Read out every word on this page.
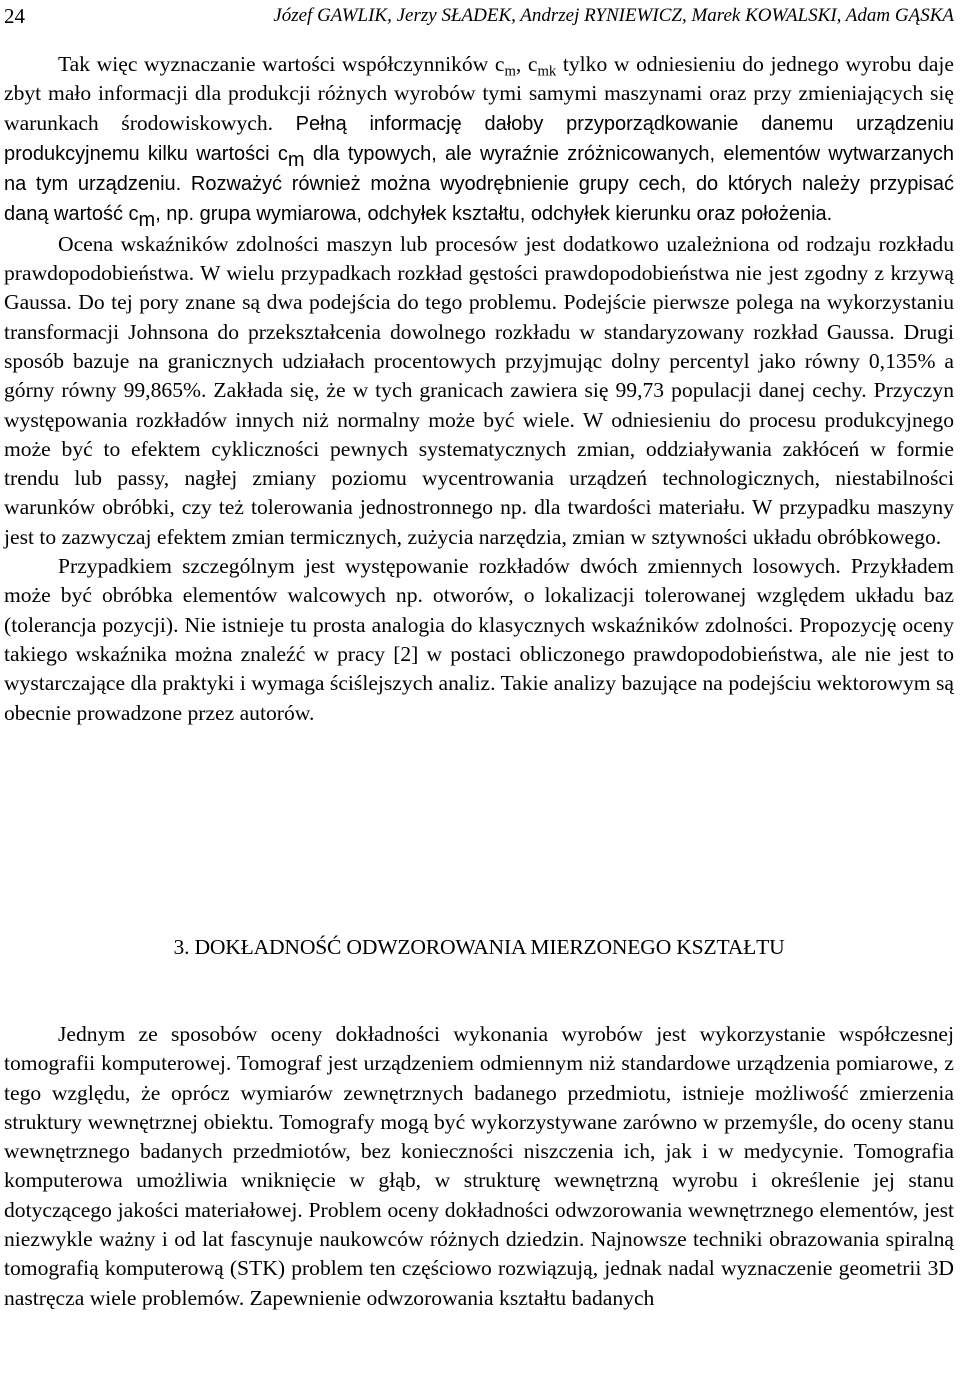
24	Józef GAWLIK, Jerzy SŁADEK, Andrzej RYNIEWICZ, Marek KOWALSKI, Adam GĄSKA

Tak więc wyznaczanie wartości współczynników $c_m$, $c_{mk}$ tylko w odniesieniu do jednego wyrobu daje zbyt mało informacji dla produkcji różnych wyrobów tymi samymi maszynami oraz przy zmieniających się warunkach środowiskowych. Pełną informację dałoby przyporządkowanie danemu urządzeniu produkcyjnemu kilku wartości $c_m$ dla typowych, ale wyraźnie zróżnicowanych, elementów wytwarzanych na tym urządzeniu. Rozważyć również można wyodrębnienie grupy cech, do których należy przypisać daną wartość $c_m$, np. grupa wymiarowa, odchyłek kształtu, odchyłek kierunku oraz położenia.

Ocena wskaźników zdolności maszyn lub procesów jest dodatkowo uzależniona od rodzaju rozkładu prawdopodobieństwa. W wielu przypadkach rozkład gęstości prawdopodobieństwa nie jest zgodny z krzywą Gaussa. Do tej pory znane są dwa podejścia do tego problemu. Podejście pierwsze polega na wykorzystaniu transformacji Johnsona do przekształcenia dowolnego rozkładu w standaryzowany rozkład Gaussa. Drugi sposób bazuje na granicznych udziałach procentowych przyjmując dolny percentyl jako równy 0,135% a górny równy 99,865%. Zakłada się, że w tych granicach zawiera się 99,73 populacji danej cechy. Przyczyn występowania rozkładów innych niż normalny może być wiele. W odniesieniu do procesu produkcyjnego może być to efektem cykliczności pewnych systematycznych zmian, oddziaływania zakłóceń w formie trendu lub passy, nagłej zmiany poziomu wycentrowania urządzeń technologicznych, niestabilności warunków obróbki, czy też tolerowania jednostronnego np. dla twardości materiału. W przypadku maszyny jest to zazwyczaj efektem zmian termicznych, zużycia narzędzia, zmian w sztywności układu obróbkowego.

Przypadkiem szczególnym jest występowanie rozkładów dwóch zmiennych losowych. Przykładem może być obróbka elementów walcowych np. otworów, o lokalizacji tolerowanej względem układu baz (tolerancja pozycji). Nie istnieje tu prosta analogia do klasycznych wskaźników zdolności. Propozycję oceny takiego wskaźnika można znaleźć w pracy [2] w postaci obliczonego prawdopodobieństwa, ale nie jest to wystarczające dla praktyki i wymaga ściślejszych analiz. Takie analizy bazujące na podejściu wektorowym są obecnie prowadzone przez autorów.

3. DOKŁADNOŚĆ ODWZOROWANIA MIERZONEGO KSZTAŁTU

Jednym ze sposobów oceny dokładności wykonania wyrobów jest wykorzystanie współczesnej tomografii komputerowej. Tomograf jest urządzeniem odmiennym niż standardowe urządzenia pomiarowe, z tego względu, że oprócz wymiarów zewnętrznych badanego przedmiotu, istnieje możliwość zmierzenia struktury wewnętrznej obiektu. Tomografy mogą być wykorzystywane zarówno w przemyśle, do oceny stanu wewnętrznego badanych przedmiotów, bez konieczności niszczenia ich, jak i w medycynie. Tomografia komputerowa umożliwia wniknięcie w głąb, w strukturę wewnętrzną wyrobu i określenie jej stanu dotyczącego jakości materiałowej. Problem oceny dokładności odwzorowania wewnętrznego elementów, jest niezwykle ważny i od lat fascynuje naukowców różnych dziedzin. Najnowsze techniki obrazowania spiralną tomografią komputerową (STK) problem ten częściowo rozwiązują, jednak nadal wyznaczenie geometrii 3D nastręcza wiele problemów. Zapewnienie odwzorowania kształtu badanych
